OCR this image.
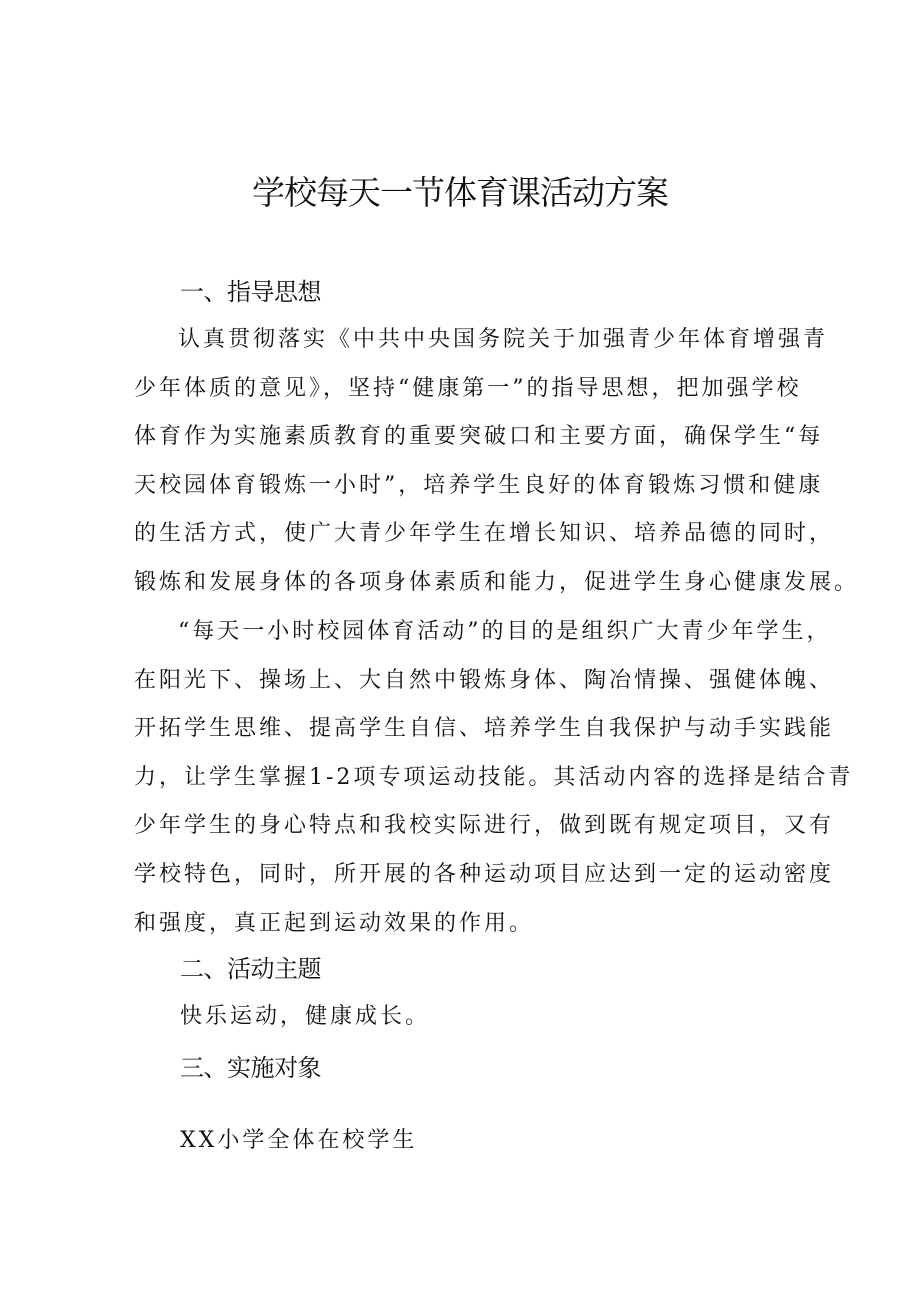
学校每天一节体育课活动方案
一、指导思想
认真贯彻落实《中共中央国务院关于加强青少年体育增强青
少年体质的意见》，坚持“健康第一”的指导思想，把加强学校
体育作为实施素质教育的重要突破口和主要方面，确保学生“每
天校园体育锻炼一小时”，培养学生良好的体育锻炼习惯和健康
的生活方式，使广大青少年学生在增长知识、培养品德的同时，
锻炼和发展身体的各项身体素质和能力，促进学生身心健康发展。
“每天一小时校园体育活动”的目的是组织广大青少年学生，
在阳光下、操场上、大自然中锻炼身体、陶冶情操、强健体魄、
开拓学生思维、提高学生自信、培养学生自我保护与动手实践能
力，让学生掌握1-2项专项运动技能。其活动内容的选择是结合青
少年学生的身心特点和我校实际进行，做到既有规定项目，又有
学校特色，同时，所开展的各种运动项目应达到一定的运动密度
和强度，真正起到运动效果的作用。
二、活动主题

快乐运动，健康成长。

三、实施对象

XX小学全体在校学生
